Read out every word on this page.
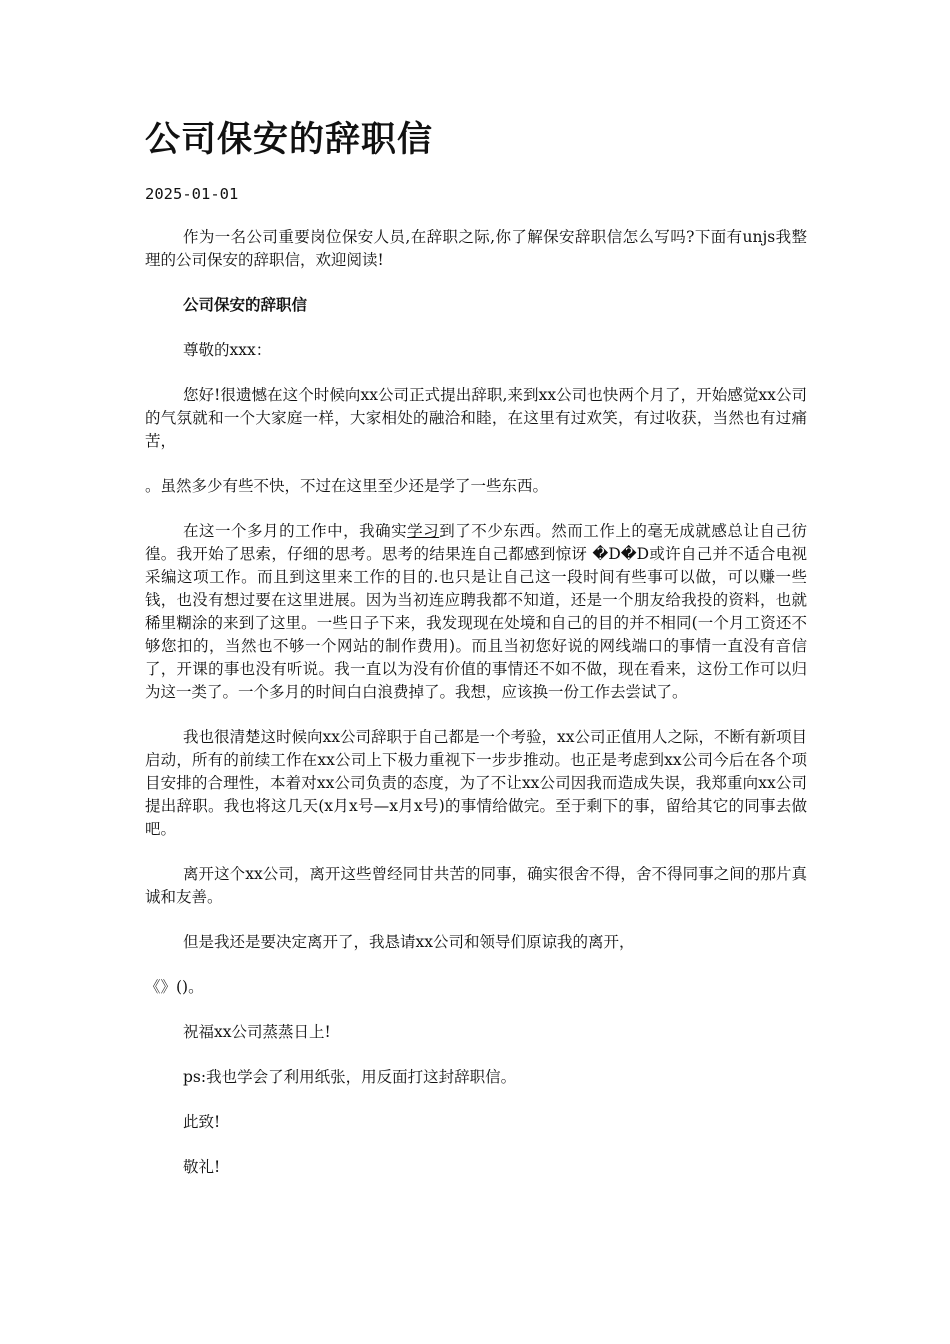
公司保安的辞职信
2025-01-01

作为一名公司重要岗位保安人员,在辞职之际,你了解保安辞职信怎么写吗?下面有unjs我整理的公司保安的辞职信，欢迎阅读!

公司保安的辞职信

尊敬的xxx：

您好!很遗憾在这个时候向xx公司正式提出辞职,来到xx公司也快两个月了，开始感觉xx公司的气氛就和一个大家庭一样，大家相处的融洽和睦，在这里有过欢笑，有过收获，当然也有过痛苦，

。虽然多少有些不快，不过在这里至少还是学了一些东西。

在这一个多月的工作中，我确实学习到了不少东西。然而工作上的毫无成就感总让自己彷徨。我开始了思索，仔细的思考。思考的结果连自己都感到惊讶 �D�D或许自己并不适合电视采编这项工作。而且到这里来工作的目的.也只是让自己这一段时间有些事可以做，可以赚一些钱，也没有想过要在这里进展。因为当初连应聘我都不知道，还是一个朋友给我投的资料，也就稀里糊涂的来到了这里。一些日子下来，我发现现在处境和自己的目的并不相同(一个月工资还不够您扣的，当然也不够一个网站的制作费用)。而且当初您好说的网线端口的事情一直没有音信了，开课的事也没有听说。我一直以为没有价值的事情还不如不做，现在看来，这份工作可以归为这一类了。一个多月的时间白白浪费掉了。我想，应该换一份工作去尝试了。

我也很清楚这时候向xx公司辞职于自己都是一个考验，xx公司正值用人之际，不断有新项目启动，所有的前续工作在xx公司上下极力重视下一步步推动。也正是考虑到xx公司今后在各个项目安排的合理性，本着对xx公司负责的态度，为了不让xx公司因我而造成失误，我郑重向xx公司提出辞职。我也将这几天(x月x号—x月x号)的事情给做完。至于剩下的事，留给其它的同事去做吧。

离开这个xx公司，离开这些曾经同甘共苦的同事，确实很舍不得，舍不得同事之间的那片真诚和友善。

但是我还是要决定离开了，我恳请xx公司和领导们原谅我的离开，

《》()。

祝福xx公司蒸蒸日上!

ps:我也学会了利用纸张，用反面打这封辞职信。

此致!

敬礼!
